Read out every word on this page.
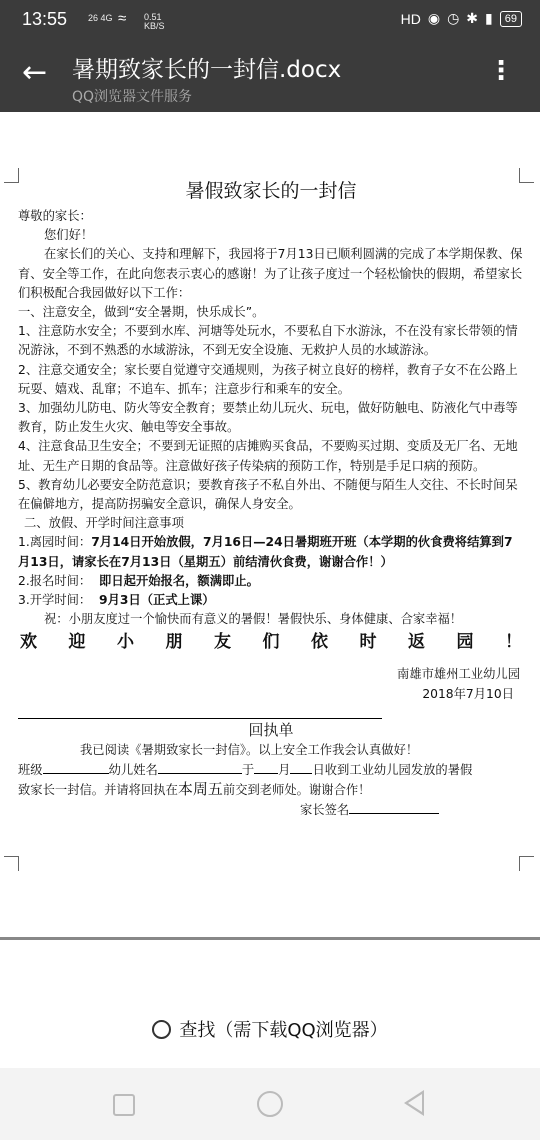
13:55 26 4G ≈ 0.51
KB/S	HD ◉ ◷ ✱ ▮	69
← 暑期致家长的一封信.docx
QQ浏览器文件服务
⋮
暑假致家长的一封信

尊敬的家长：

您们好！

在家长们的关心、支持和理解下，我园将于7月13日已顺利圆满的完成了本学期保教、保育、安全等工作，在此向您表示衷心的感谢！为了让孩子度过一个轻松愉快的假期，希望家长们积极配合我园做好以下工作：

一、注意安全，做到“安全暑期，快乐成长”。

1、注意防水安全；不要到水库、河塘等处玩水，不要私自下水游泳，不在没有家长带领的情况游泳，不到不熟悉的水域游泳，不到无安全设施、无救护人员的水域游泳。

2、注意交通安全；家长要自觉遵守交通规则，为孩子树立良好的榜样，教育子女不在公路上玩耍、嬉戏、乱窜；不追车、抓车；注意步行和乘车的安全。

3、加强幼儿防电、防火等安全教育；要禁止幼儿玩火、玩电，做好防触电、防液化气中毒等教育，防止发生火灾、触电等安全事故。

4、注意食品卫生安全；不要到无证照的店摊购买食品，不要购买过期、变质及无厂名、无地址、无生产日期的食品等。注意做好孩子传染病的预防工作，特别是手足口病的预防。

5、教育幼儿必要安全防范意识；要教育孩子不私自外出、不随便与陌生人交往、不长时间呆在偏僻地方，提高防拐骗安全意识，确保人身安全。

二、放假、开学时间注意事项

1.离园时间：7月14日开始放假，7月16日—24日暑期班开班（本学期的伙食费将结算到7月13日，请家长在7月13日（星期五）前结清伙食费，谢谢合作！）

2.报名时间： 即日起开始报名，额满即止。

3.开学时间： 9月3日（正式上课）

祝：小朋友度过一个愉快而有意义的暑假！暑假快乐、身体健康、合家幸福！

欢 迎 小 朋 友 们 依 时 返 园 ！

南雄市雄州工业幼儿园

2018年7月10日

回执单

我已阅读《暑期致家长一封信》。以上安全工作我会认真做好！

班级	幼儿姓名	于 月 日收到工业幼儿园发放的暑假

致家长一封信。并请将回执在本周五前交到老师处。谢谢合作！

家长签名

查找（需下载QQ浏览器）
